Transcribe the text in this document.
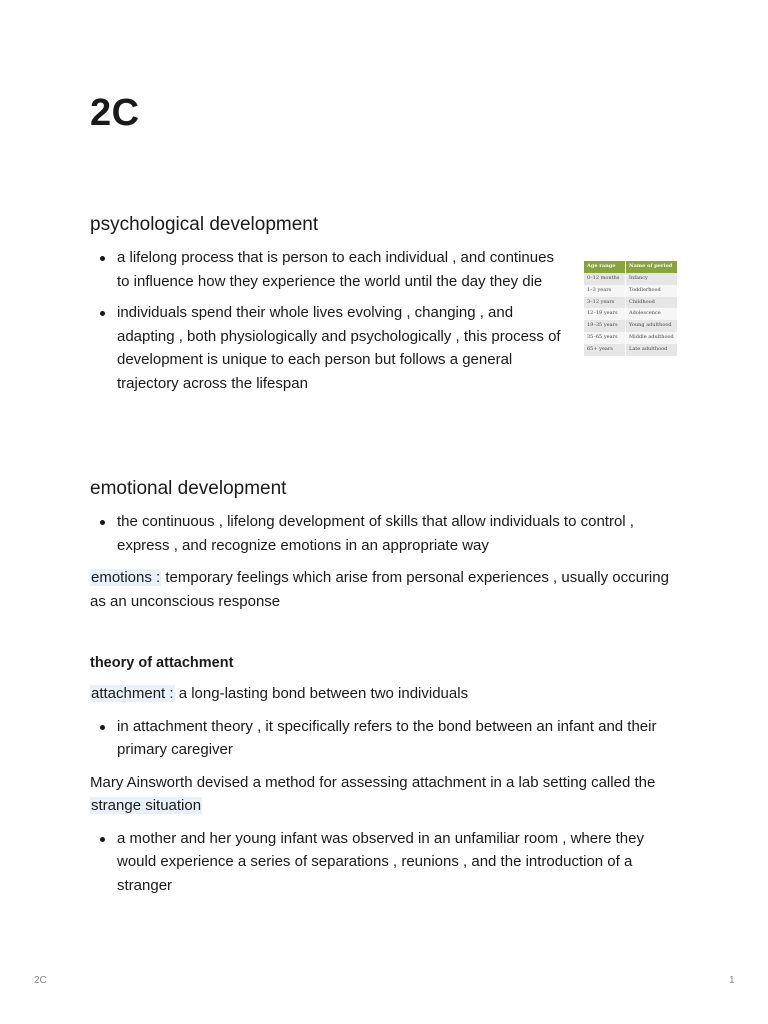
2C
psychological development
a lifelong process that is person to each individual , and continues to influence how they experience the world until the day they die
individuals spend their whole lives evolving , changing , and adapting , both physiologically and psychologically , this process of development is unique to each person but follows a general trajectory across the lifespan
Age range	Name of period
0–12 months	Infancy
1–3 years	Toddlerhood
3–12 years	Childhood
12–19 years	Adolescence
19–35 years	Young adulthood
35–65 years	Middle adulthood
65+ years	Late adulthood
emotional development
the continuous , lifelong development of skills that allow individuals to control , express , and recognize emotions in an appropriate way

emotions : temporary feelings which arise from personal experiences , usually occuring as an unconscious response

theory of attachment

attachment : a long-lasting bond between two individuals

in attachment theory , it specifically refers to the bond between an infant and their primary caregiver

Mary Ainsworth devised a method for assessing attachment in a lab setting called the strange situation

a mother and her young infant was observed in an unfamiliar room , where they would experience a series of separations , reunions , and the introduction of a stranger
2C	1
